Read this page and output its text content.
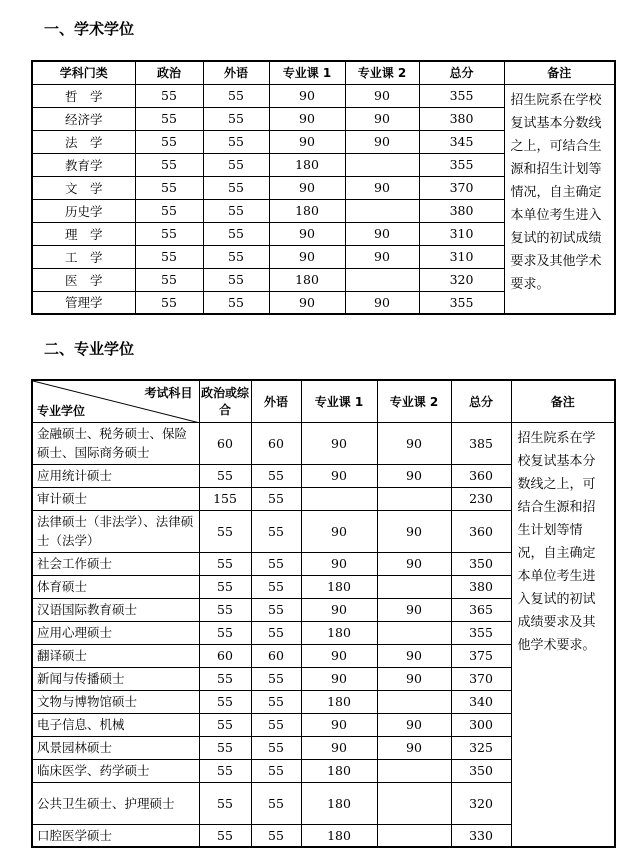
一、学术学位
学科门类	政治	外语	专业课 1	专业课 2	总分	备注
哲　学	55	55	90	90	355	招生院系在学校复试基本分数线之上，可结合生源和招生计划等情况，自主确定本单位考生进入复试的初试成绩要求及其他学术要求。
经济学	55	55	90	90	380	
法　学	55	55	90	90	345	
教育学	55	55	180		355	
文　学	55	55	90	90	370	
历史学	55	55	180		380	
理　学	55	55	90	90	310	
工　学	55	55	90	90	310	
医　学	55	55	180		320	
管理学	55	55	90	90	355	
二、专业学位
考试科目
专业学位	政治或综合	外语	专业课 1	专业课 2	总分	备注
金融硕士、税务硕士、保险硕士、国际商务硕士	60	60	90	90	385	招生院系在学校复试基本分数线之上，可结合生源和招生计划等情况，自主确定本单位考生进入复试的初试成绩要求及其他学术要求。
应用统计硕士	55	55	90	90	360	
审计硕士	155	55			230	
法律硕士（非法学）、法律硕士（法学）	55	55	90	90	360	
社会工作硕士	55	55	90	90	350	
体育硕士	55	55	180		380	
汉语国际教育硕士	55	55	90	90	365	
应用心理硕士	55	55	180		355	
翻译硕士	60	60	90	90	375	
新闻与传播硕士	55	55	90	90	370	
文物与博物馆硕士	55	55	180		340	
电子信息、机械	55	55	90	90	300	
风景园林硕士	55	55	90	90	325	
临床医学、药学硕士	55	55	180		350	
公共卫生硕士、护理硕士	55	55	180		320	
口腔医学硕士	55	55	180		330	
